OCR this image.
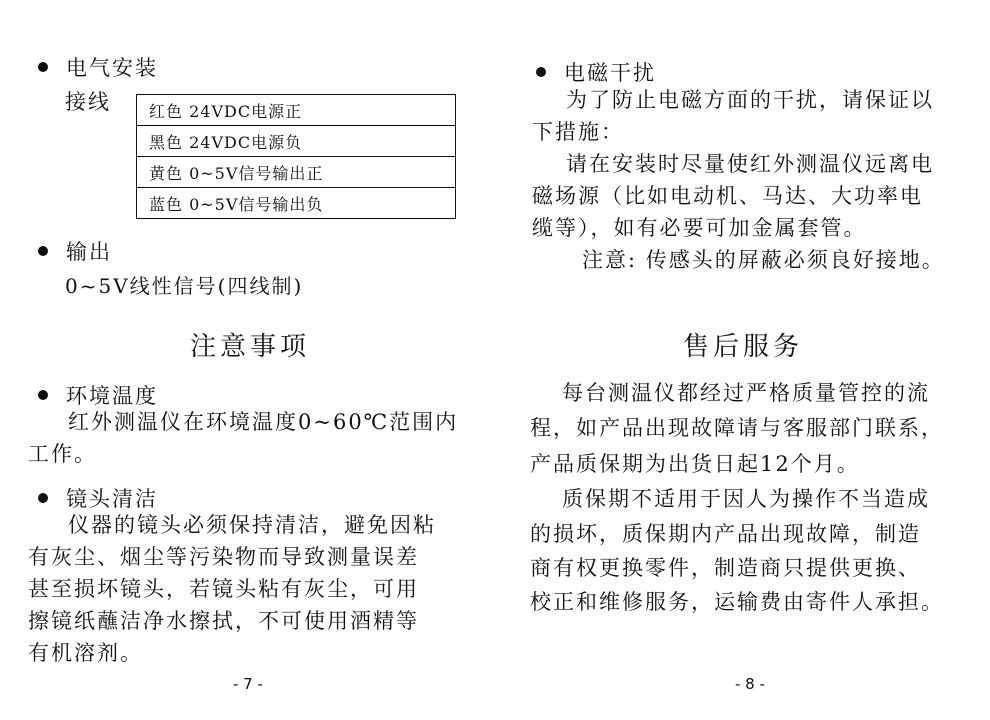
电气安装
接线 红色 24VDC电源正
黑色 24VDC电源负
黄色 0~5V信号输出正
蓝色 0~5V信号输出负
输出
0~5V线性信号(四线制)
注意事项
环境温度
红外测温仪在环境温度0~60℃范围内
工作。
镜头清洁
仪器的镜头必须保持清洁，避免因粘
有灰尘、烟尘等污染物而导致测量误差
甚至损坏镜头，若镜头粘有灰尘，可用
擦镜纸蘸洁净水擦拭，不可使用酒精等
有机溶剂。
- 7 -
电磁干扰
为了防止电磁方面的干扰，请保证以
下措施：
请在安装时尽量使红外测温仪远离电
磁场源（比如电动机、马达、大功率电
缆等），如有必要可加金属套管。
注意: 传感头的屏蔽必须良好接地。
售后服务
每台测温仪都经过严格质量管控的流
程，如产品出现故障请与客服部门联系，
产品质保期为出货日起12个月。
质保期不适用于因人为操作不当造成
的损坏，质保期内产品出现故障，制造
商有权更换零件，制造商只提供更换、
校正和维修服务，运输费由寄件人承担。
- 8 -
